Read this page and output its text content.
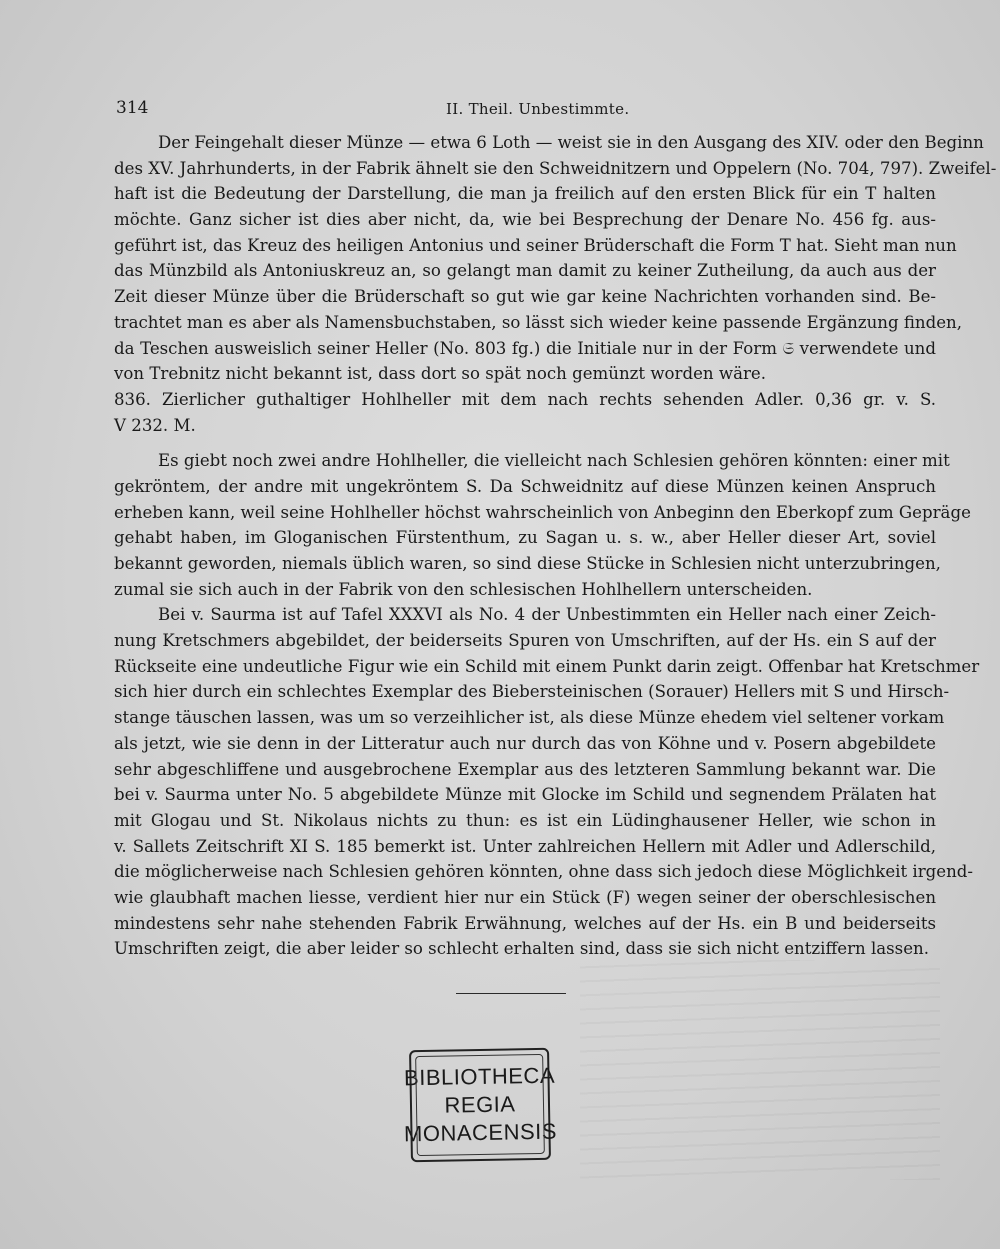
314	II. Theil. Unbestimmte.
Der Feingehalt dieser Münze — etwa 6 Loth — weist sie in den Ausgang des XIV. oder den Beginn
des XV. Jahrhunderts, in der Fabrik ähnelt sie den Schweidnitzern und Oppelern (No. 704, 797). Zweifel-
haft ist die Bedeutung der Darstellung, die man ja freilich auf den ersten Blick für ein T halten
möchte. Ganz sicher ist dies aber nicht, da, wie bei Besprechung der Denare No. 456 fg. aus-
geführt ist, das Kreuz des heiligen Antonius und seiner Brüderschaft die Form T hat. Sieht man nun
das Münzbild als Antoniuskreuz an, so gelangt man damit zu keiner Zutheilung, da auch aus der
Zeit dieser Münze über die Brüderschaft so gut wie gar keine Nachrichten vorhanden sind. Be-
trachtet man es aber als Namensbuchstaben, so lässt sich wieder keine passende Ergänzung finden,
da Teschen ausweislich seiner Heller (No. 803 fg.) die Initiale nur in der Form 𝔖 verwendete und
von Trebnitz nicht bekannt ist, dass dort so spät noch gemünzt worden wäre.
836. Zierlicher guthaltiger Hohlheller mit dem nach rechts sehenden Adler. 0,36 gr. v. S.
V 232. M.
Es giebt noch zwei andre Hohlheller, die vielleicht nach Schlesien gehören könnten: einer mit
gekröntem, der andre mit ungekröntem S. Da Schweidnitz auf diese Münzen keinen Anspruch
erheben kann, weil seine Hohlheller höchst wahrscheinlich von Anbeginn den Eberkopf zum Gepräge
gehabt haben, im Gloganischen Fürstenthum, zu Sagan u. s. w., aber Heller dieser Art, soviel
bekannt geworden, niemals üblich waren, so sind diese Stücke in Schlesien nicht unterzubringen,
zumal sie sich auch in der Fabrik von den schlesischen Hohlhellern unterscheiden.
Bei v. Saurma ist auf Tafel XXXVI als No. 4 der Unbestimmten ein Heller nach einer Zeich-
nung Kretschmers abgebildet, der beiderseits Spuren von Umschriften, auf der Hs. ein S auf der
Rückseite eine undeutliche Figur wie ein Schild mit einem Punkt darin zeigt. Offenbar hat Kretschmer
sich hier durch ein schlechtes Exemplar des Biebersteinischen (Sorauer) Hellers mit S und Hirsch-
stange täuschen lassen, was um so verzeihlicher ist, als diese Münze ehedem viel seltener vorkam
als jetzt, wie sie denn in der Litteratur auch nur durch das von Köhne und v. Posern abgebildete
sehr abgeschliffene und ausgebrochene Exemplar aus des letzteren Sammlung bekannt war. Die
bei v. Saurma unter No. 5 abgebildete Münze mit Glocke im Schild und segnendem Prälaten hat
mit Glogau und St. Nikolaus nichts zu thun: es ist ein Lüdinghausener Heller, wie schon in
v. Sallets Zeitschrift XI S. 185 bemerkt ist. Unter zahlreichen Hellern mit Adler und Adlerschild,
die möglicherweise nach Schlesien gehören könnten, ohne dass sich jedoch diese Möglichkeit irgend-
wie glaubhaft machen liesse, verdient hier nur ein Stück (F) wegen seiner der oberschlesischen
mindestens sehr nahe stehenden Fabrik Erwähnung, welches auf der Hs. ein B und beiderseits
Umschriften zeigt, die aber leider so schlecht erhalten sind, dass sie sich nicht entziffern lassen.
BIBLIOTHECA
REGIA
MONACENSIS
